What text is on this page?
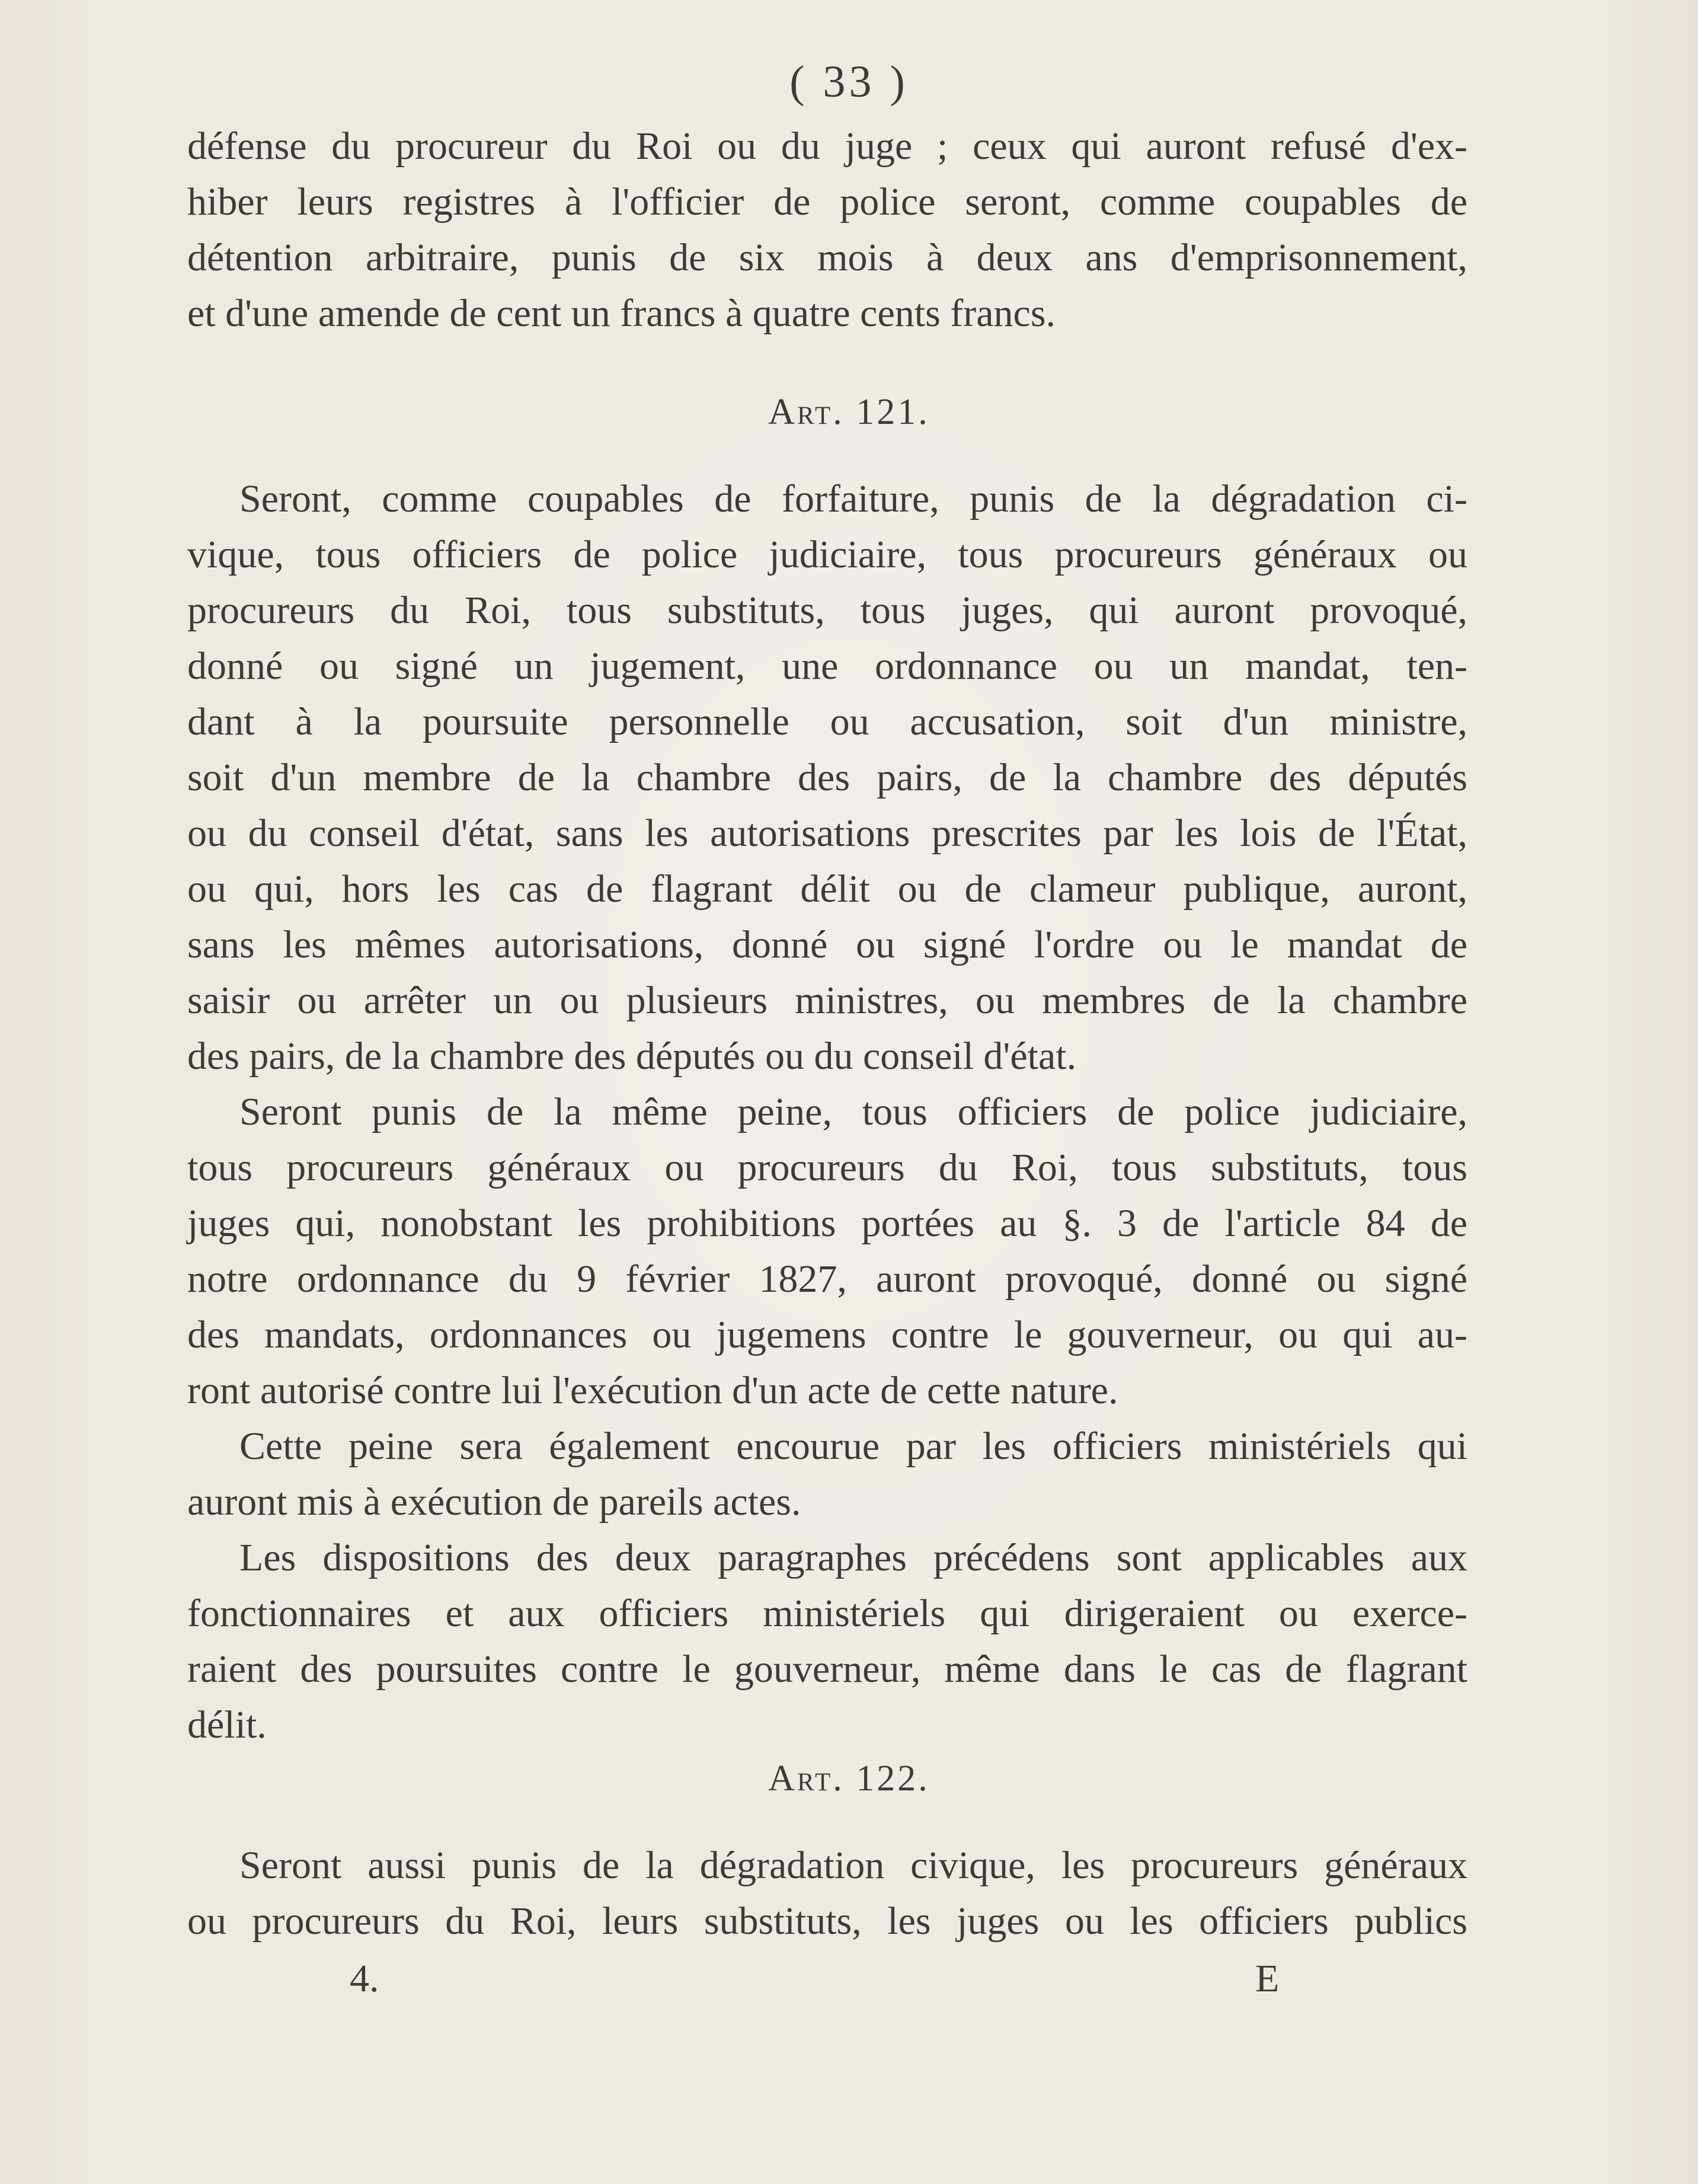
( 33 )
défense du procureur du Roi ou du juge ; ceux qui auront refusé d'ex-
hiber leurs registres à l'officier de police seront, comme coupables de
détention arbitraire, punis de six mois à deux ans d'emprisonnement,
et d'une amende de cent un francs à quatre cents francs.
Art. 121.
Seront, comme coupables de forfaiture, punis de la dégradation ci-
vique, tous officiers de police judiciaire, tous procureurs généraux ou
procureurs du Roi, tous substituts, tous juges, qui auront provoqué,
donné ou signé un jugement, une ordonnance ou un mandat, ten-
dant à la poursuite personnelle ou accusation, soit d'un ministre,
soit d'un membre de la chambre des pairs, de la chambre des députés
ou du conseil d'état, sans les autorisations prescrites par les lois de l'État,
ou qui, hors les cas de flagrant délit ou de clameur publique, auront,
sans les mêmes autorisations, donné ou signé l'ordre ou le mandat de
saisir ou arrêter un ou plusieurs ministres, ou membres de la chambre
des pairs, de la chambre des députés ou du conseil d'état.
Seront punis de la même peine, tous officiers de police judiciaire,
tous procureurs généraux ou procureurs du Roi, tous substituts, tous
juges qui, nonobstant les prohibitions portées au §. 3 de l'article 84 de
notre ordonnance du 9 février 1827, auront provoqué, donné ou signé
des mandats, ordonnances ou jugemens contre le gouverneur, ou qui au-
ront autorisé contre lui l'exécution d'un acte de cette nature.
Cette peine sera également encourue par les officiers ministériels qui
auront mis à exécution de pareils actes.
Les dispositions des deux paragraphes précédens sont applicables aux
fonctionnaires et aux officiers ministériels qui dirigeraient ou exerce-
raient des poursuites contre le gouverneur, même dans le cas de flagrant
délit.
Art. 122.
Seront aussi punis de la dégradation civique, les procureurs généraux
ou procureurs du Roi, leurs substituts, les juges ou les officiers publics
4.	E
